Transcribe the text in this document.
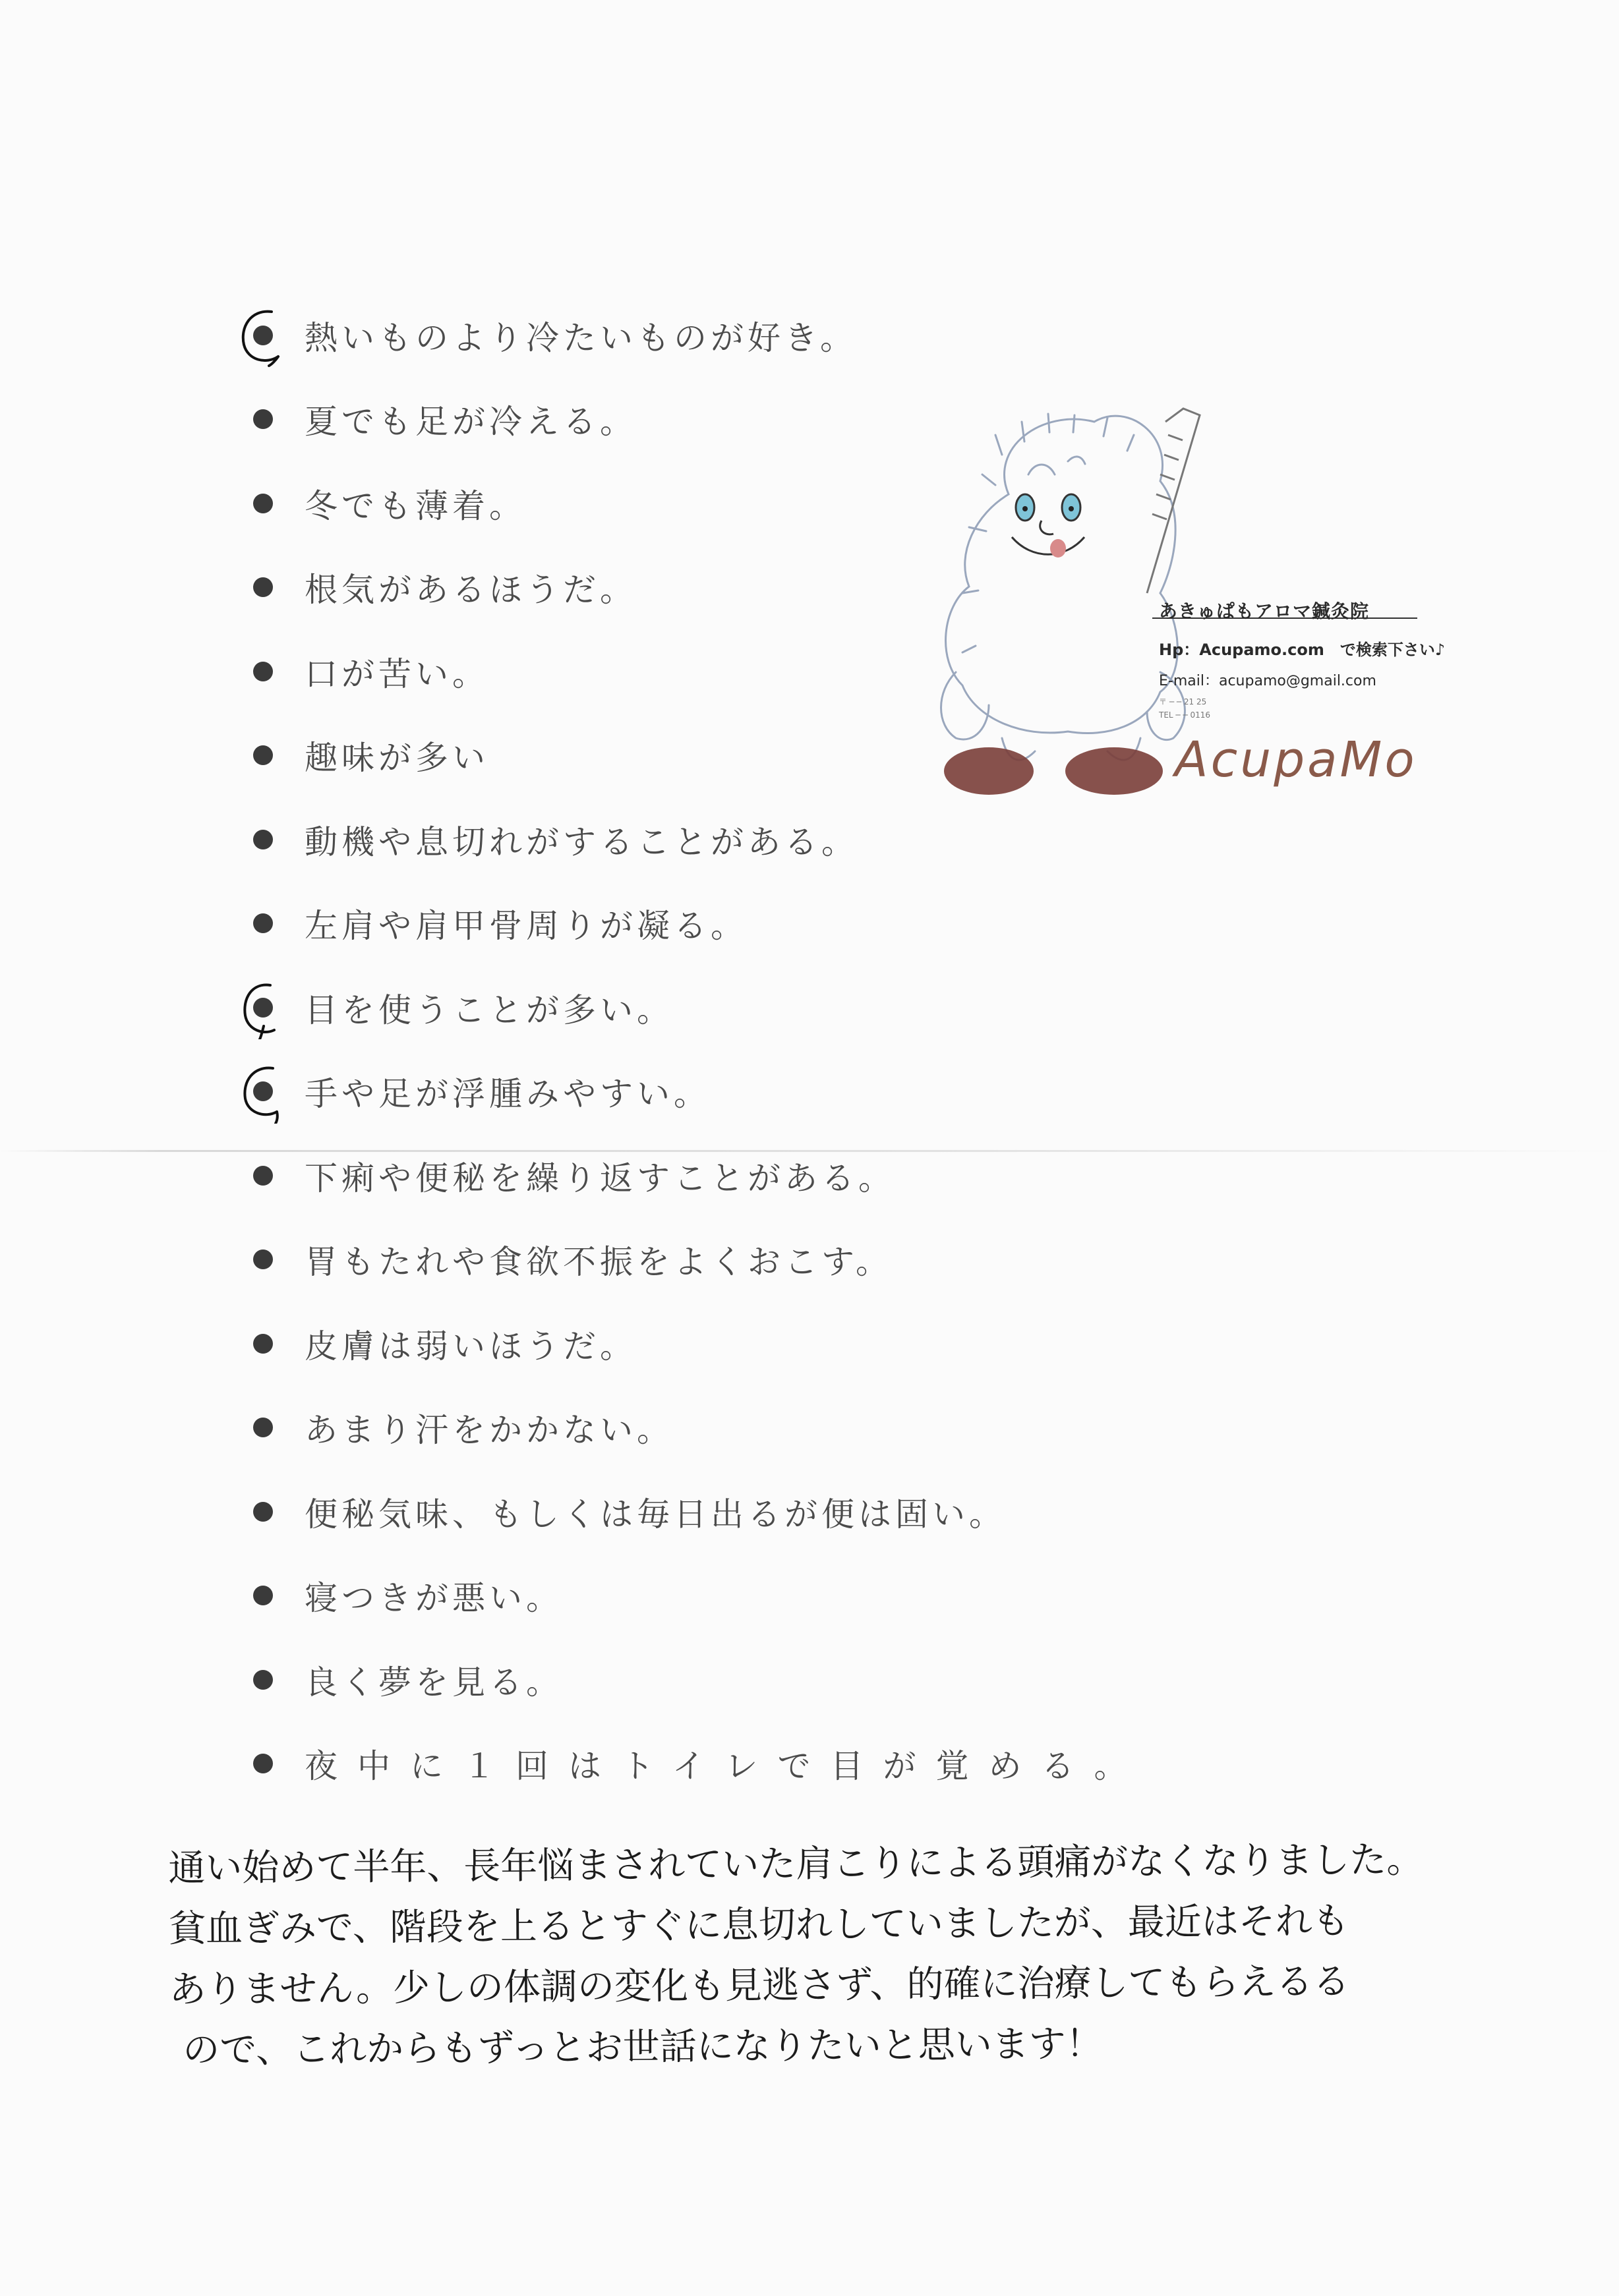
熱いものより冷たいものが好き。
夏でも足が冷える。
冬でも薄着。
根気があるほうだ。
口が苦い。
趣味が多い
動機や息切れがすることがある。
左肩や肩甲骨周りが凝る。
目を使うことが多い。
手や足が浮腫みやすい。
下痢や便秘を繰り返すことがある。
胃もたれや食欲不振をよくおこす。
皮膚は弱いほうだ。
あまり汗をかかない。
便秘気味、もしくは毎日出るが便は固い。
寝つきが悪い。
良く夢を見る。
夜中に１回はトイレで目が覚める。
あきゅぱもアロマ鍼灸院
Hp：Acupamo.com　で検索下さい♪
E-mail：acupamo@gmail.com
〒 ─ ─ 21 25
TEL ─ ─ 0116
AcupaMo
通い始めて半年、長年悩まされていた肩こりによる頭痛がなくなりました。
貧血ぎみで、階段を上るとすぐに息切れしていましたが、最近はそれも
ありません。少しの体調の変化も見逃さず、的確に治療してもらえるる
ので、これからもずっとお世話になりたいと思います！
